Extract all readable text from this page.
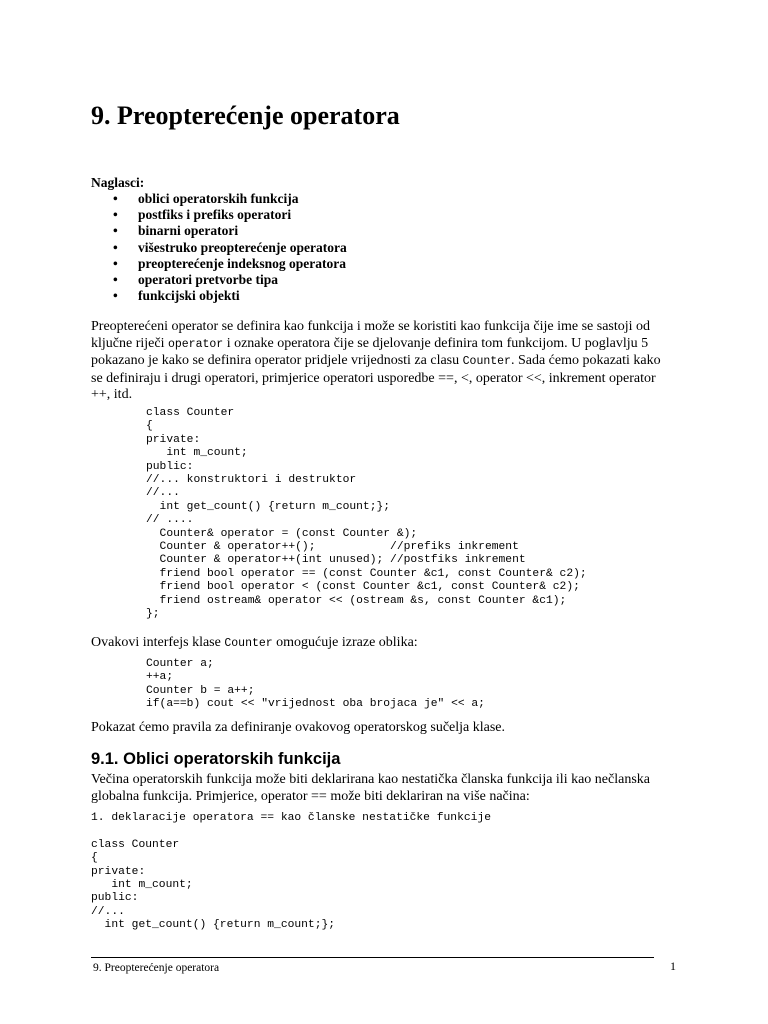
9. Preopterećenje operatora
Naglasci:
• oblici operatorskih funkcija
• postfiks i prefiks operatori
• binarni operatori
• višestruko preopterećenje operatora
• preopterećenje indeksnog operatora
• operatori pretvorbe tipa
• funkcijski objekti

Preopterećeni operator se definira kao funkcija i može se koristiti kao funkcija čije ime se sastoji od
ključne riječi operator i oznake operatora čije se djelovanje definira tom funkcijom. U poglavlju 5
pokazano je kako se definira operator pridjele vrijednosti za clasu Counter. Sada ćemo pokazati kako
se definiraju i drugi operatori, primjerice operatori usporedbe ==, <, operator <<, inkrement operator
++, itd.

class Counter
{
private:
int m_count;
public:
//... konstruktori i destruktor
//...
int get_count() {return m_count;};
// ....
Counter& operator = (const Counter &);
Counter & operator++();           //prefiks inkrement
Counter & operator++(int unused); //postfiks inkrement
friend bool operator == (const Counter &c1, const Counter& c2);
friend bool operator < (const Counter &c1, const Counter& c2);
friend ostream& operator << (ostream &s, const Counter &c1);
};

Ovakovi interfejs klase Counter omogućuje izraze oblika:

Counter a;
++a;
Counter b = a++;
if(a==b) cout << "vrijednost oba brojaca je" << a;

Pokazat ćemo pravila za definiranje ovakovog operatorskog sučelja klase.

9.1. Oblici operatorskih funkcija

Večina operatorskih funkcija može biti deklarirana kao nestatička članska funkcija ili kao nečlanska
globalna funkcija. Primjerice, operator == može biti deklariran na više načina:

1. deklaracije operatora == kao članske nestatičke funkcije

class Counter
{
private:
int m_count;
public:
//...
int get_count() {return m_count;};
9. Preopterećenje operatora	1
